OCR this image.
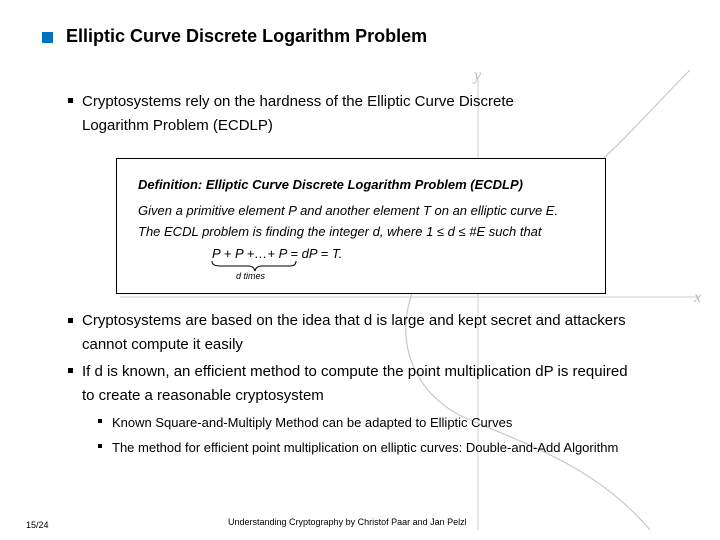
y
x
Elliptic Curve Discrete Logarithm Problem
Cryptosystems rely on the hardness of the Elliptic Curve Discrete
Logarithm Problem (ECDLP)
Definition: Elliptic Curve Discrete Logarithm Problem (ECDLP)
Given a primitive element P and another element T on an elliptic curve E.
The ECDL problem is finding the integer d, where 1 ≤ d ≤ #E such that
P + P +…+ P = dP = T.
d times
Cryptosystems are based on the idea that d is large and kept secret and attackers
cannot compute it easily
If d is known, an efficient method to compute the point multiplication dP is required
to create a reasonable cryptosystem
Known Square-and-Multiply Method can be adapted to Elliptic Curves
The method for efficient point multiplication on elliptic curves: Double-and-Add Algorithm
15/24	Understanding Cryptography by Christof Paar and Jan Pelzl
